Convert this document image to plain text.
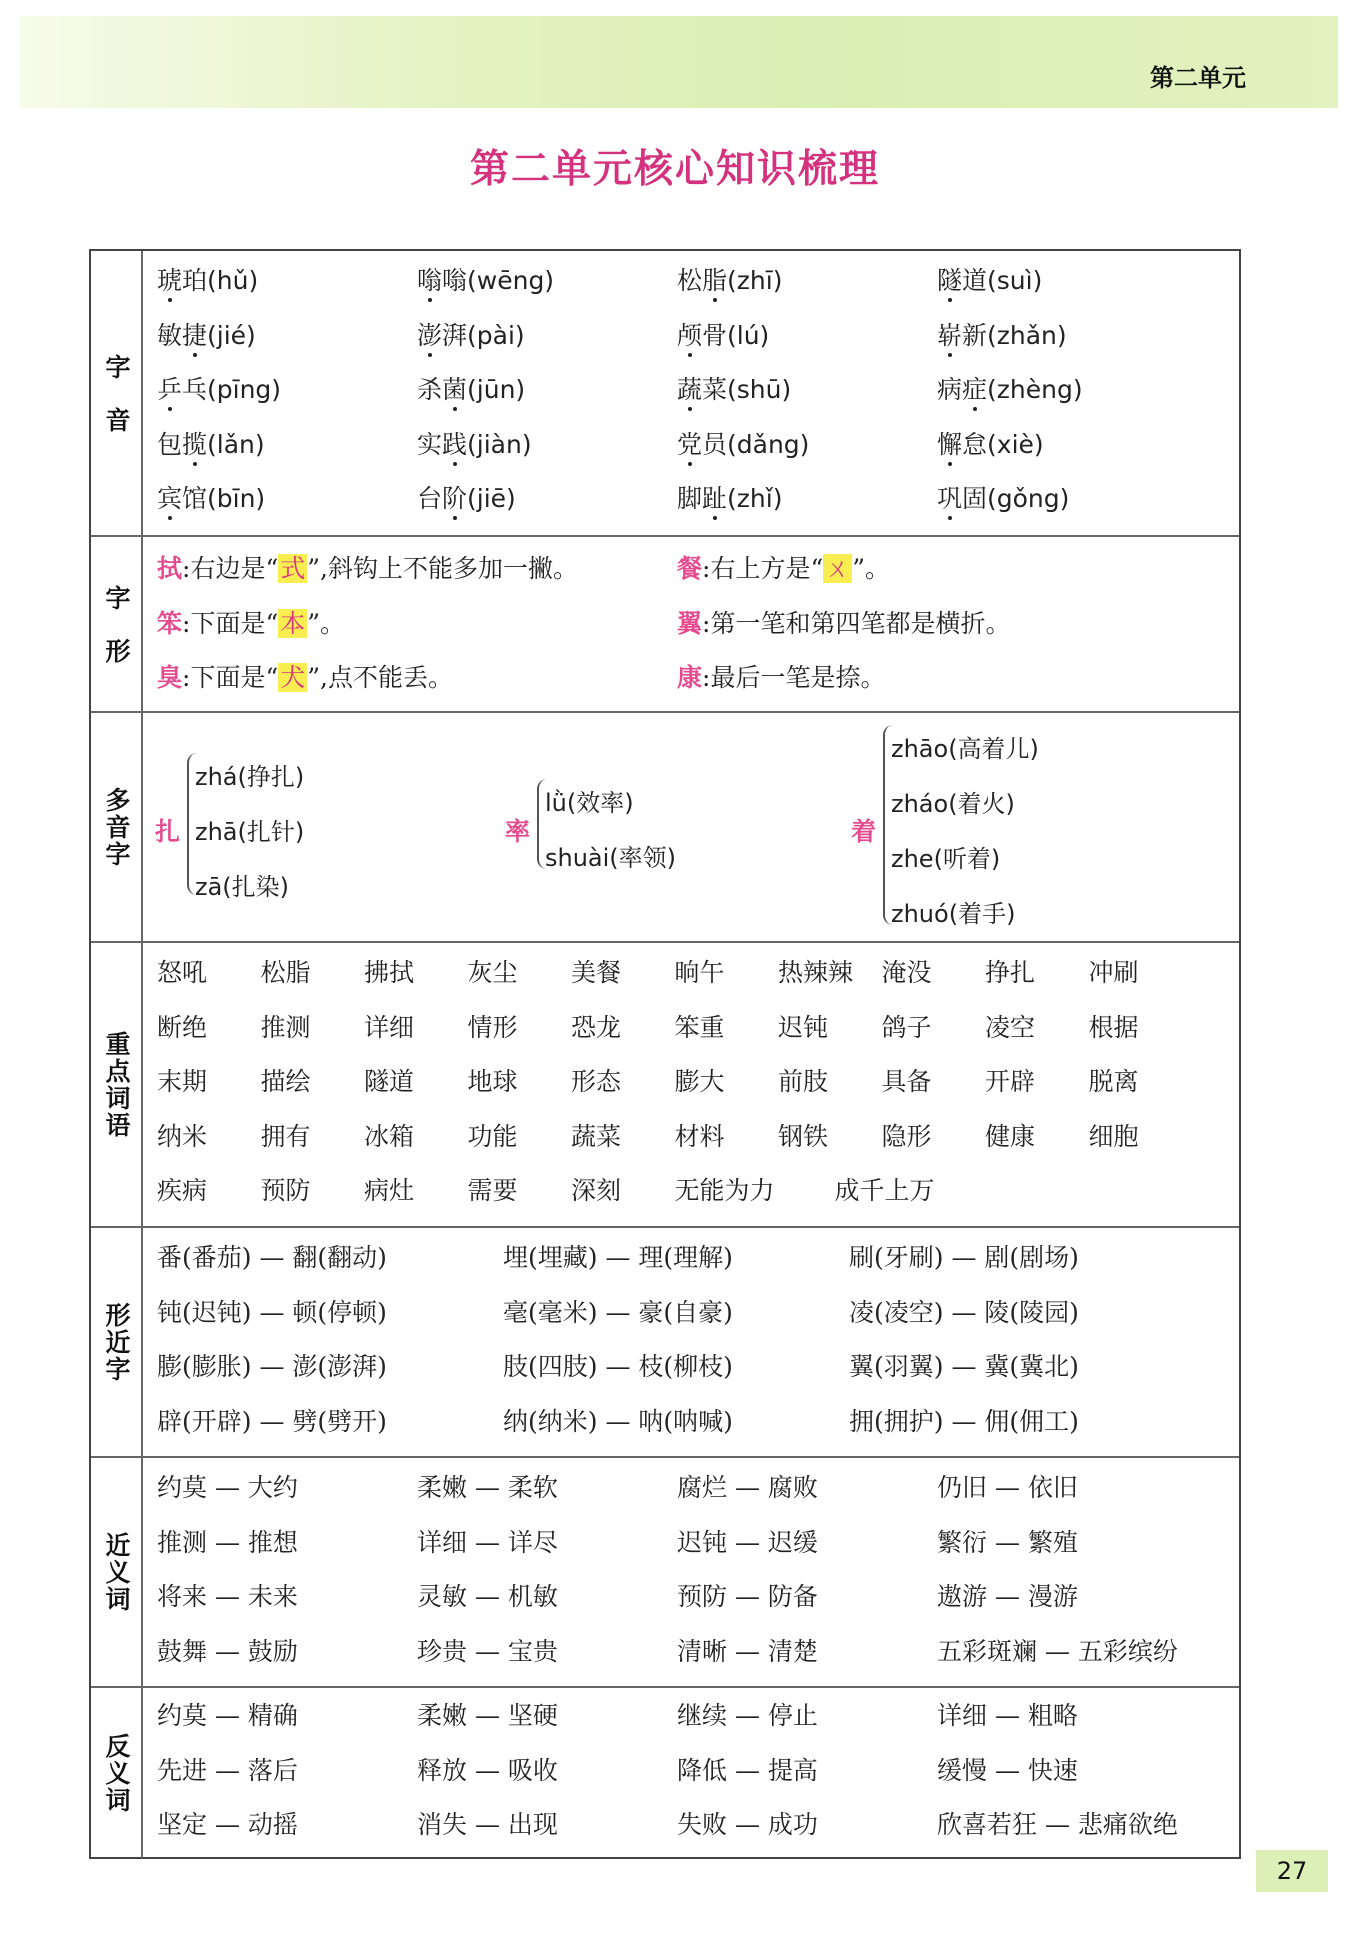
第二单元
第二单元核心知识梳理
字音
琥珀(hǔ)	嗡嗡(wēng)	松脂(zhī)	隧道(suì)
敏捷(jié)	澎湃(pài)	颅骨(lú)	崭新(zhǎn)
乒乓(pīng)	杀菌(jūn)	蔬菜(shū)	病症(zhèng)
包揽(lǎn)	实践(jiàn)	党员(dǎng)	懈怠(xiè)
宾馆(bīn)	台阶(jiē)	脚趾(zhǐ)	巩固(gǒng)
字形
拭:右边是“式”,斜钩上不能多加一撇。	餐:右上方是“ㄨ”。
笨:下面是“本”。	翼:第一笔和第四笔都是横折。
臭:下面是“犬”,点不能丢。	康:最后一笔是捺。
多音字 扎
zhá(挣扎)
zhā(扎针)
zā(扎染)
率
lǜ(效率)
shuài(率领)
着
zhāo(高着儿)
zháo(着火)
zhe(听着)
zhuó(着手)
重点词语
怒吼	松脂	拂拭	灰尘	美餐	晌午	热辣辣	淹没	挣扎	冲刷
断绝	推测	详细	情形	恐龙	笨重	迟钝	鸽子	凌空	根据
末期	描绘	隧道	地球	形态	膨大	前肢	具备	开辟	脱离
纳米	拥有	冰箱	功能	蔬菜	材料	钢铁	隐形	健康	细胞
疾病	预防	病灶	需要	深刻	无能为力	成千上万
形近字
番(番茄) — 翻(翻动)	埋(埋藏) — 理(理解)	刷(牙刷) — 剧(剧场)
钝(迟钝) — 顿(停顿)	毫(毫米) — 豪(自豪)	凌(凌空) — 陵(陵园)
膨(膨胀) — 澎(澎湃)	肢(四肢) — 枝(柳枝)	翼(羽翼) — 冀(冀北)
辟(开辟) — 劈(劈开)	纳(纳米) — 呐(呐喊)	拥(拥护) — 佣(佣工)
近义词
约莫 — 大约	柔嫩 — 柔软	腐烂 — 腐败	仍旧 — 依旧
推测 — 推想	详细 — 详尽	迟钝 — 迟缓	繁衍 — 繁殖
将来 — 未来	灵敏 — 机敏	预防 — 防备	遨游 — 漫游
鼓舞 — 鼓励	珍贵 — 宝贵	清晰 — 清楚	五彩斑斓 — 五彩缤纷
反义词
约莫 — 精确	柔嫩 — 坚硬	继续 — 停止	详细 — 粗略
先进 — 落后	释放 — 吸收	降低 — 提高	缓慢 — 快速
坚定 — 动摇	消失 — 出现	失败 — 成功	欣喜若狂 — 悲痛欲绝
27
